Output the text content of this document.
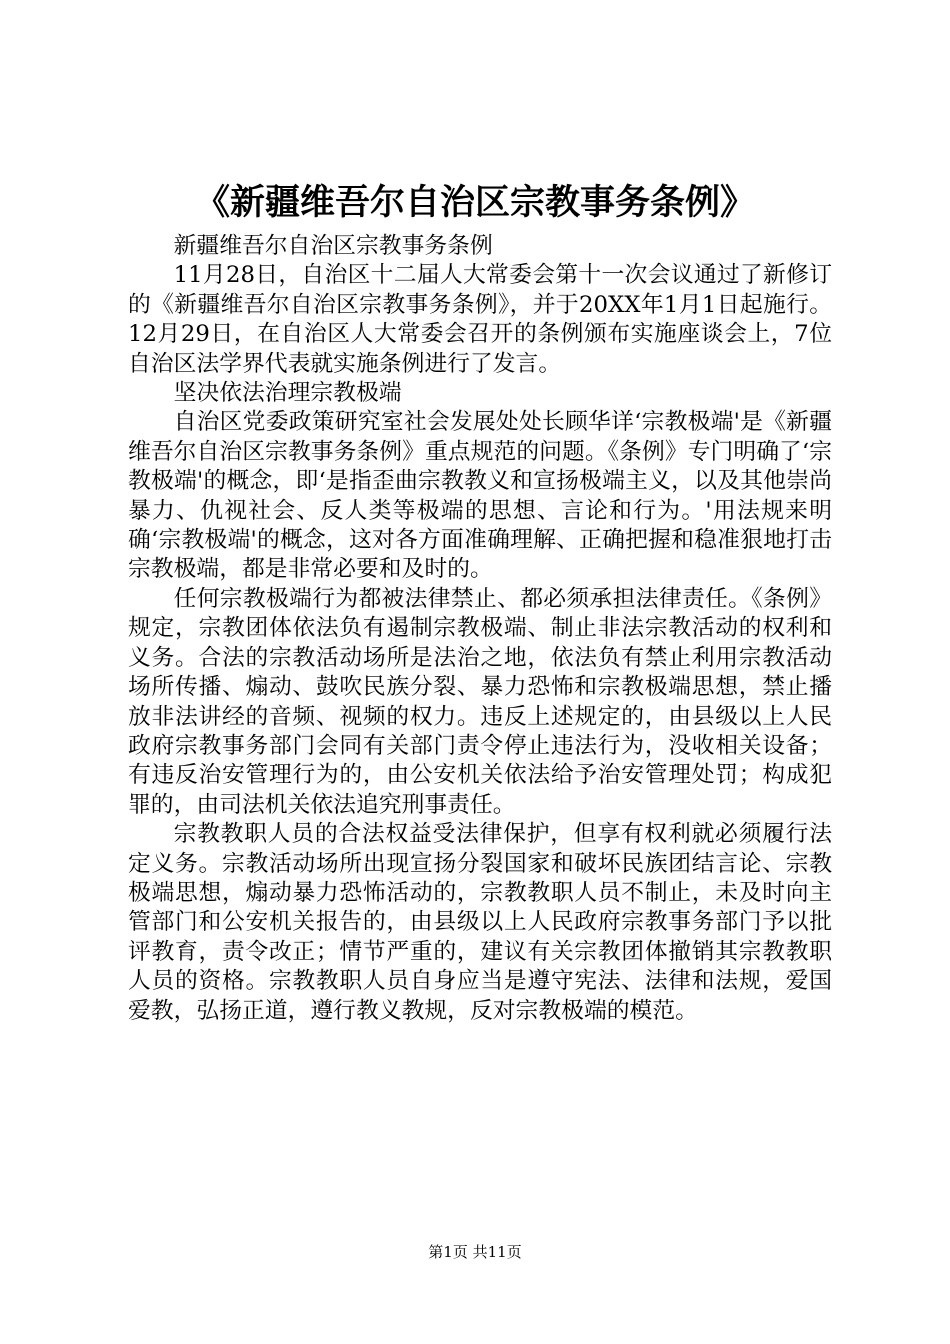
《新疆维吾尔自治区宗教事务条例》

新疆维吾尔自治区宗教事务条例

11月28日，自治区十二届人大常委会第十一次会议通过了新修订的《新疆维吾尔自治区宗教事务条例》，并于20XX年1月1日起施行。12月29日，在自治区人大常委会召开的条例颁布实施座谈会上，7位自治区法学界代表就实施条例进行了发言。

坚决依法治理宗教极端

自治区党委政策研究室社会发展处处长顾华详‘宗教极端'是《新疆维吾尔自治区宗教事务条例》重点规范的问题。《条例》专门明确了‘宗教极端'的概念，即‘是指歪曲宗教教义和宣扬极端主义，以及其他崇尚暴力、仇视社会、反人类等极端的思想、言论和行为。'用法规来明确‘宗教极端'的概念，这对各方面准确理解、正确把握和稳准狠地打击宗教极端，都是非常必要和及时的。

任何宗教极端行为都被法律禁止、都必须承担法律责任。《条例》规定，宗教团体依法负有遏制宗教极端、制止非法宗教活动的权利和义务。合法的宗教活动场所是法治之地，依法负有禁止利用宗教活动场所传播、煽动、鼓吹民族分裂、暴力恐怖和宗教极端思想，禁止播放非法讲经的音频、视频的权力。违反上述规定的，由县级以上人民政府宗教事务部门会同有关部门责令停止违法行为，没收相关设备；有违反治安管理行为的，由公安机关依法给予治安管理处罚；构成犯罪的，由司法机关依法追究刑事责任。

宗教教职人员的合法权益受法律保护，但享有权利就必须履行法定义务。宗教活动场所出现宣扬分裂国家和破坏民族团结言论、宗教极端思想，煽动暴力恐怖活动的，宗教教职人员不制止，未及时向主管部门和公安机关报告的，由县级以上人民政府宗教事务部门予以批评教育，责令改正；情节严重的，建议有关宗教团体撤销其宗教教职人员的资格。宗教教职人员自身应当是遵守宪法、法律和法规，爱国爱教，弘扬正道，遵行教义教规，反对宗教极端的模范。

第1页 共11页
